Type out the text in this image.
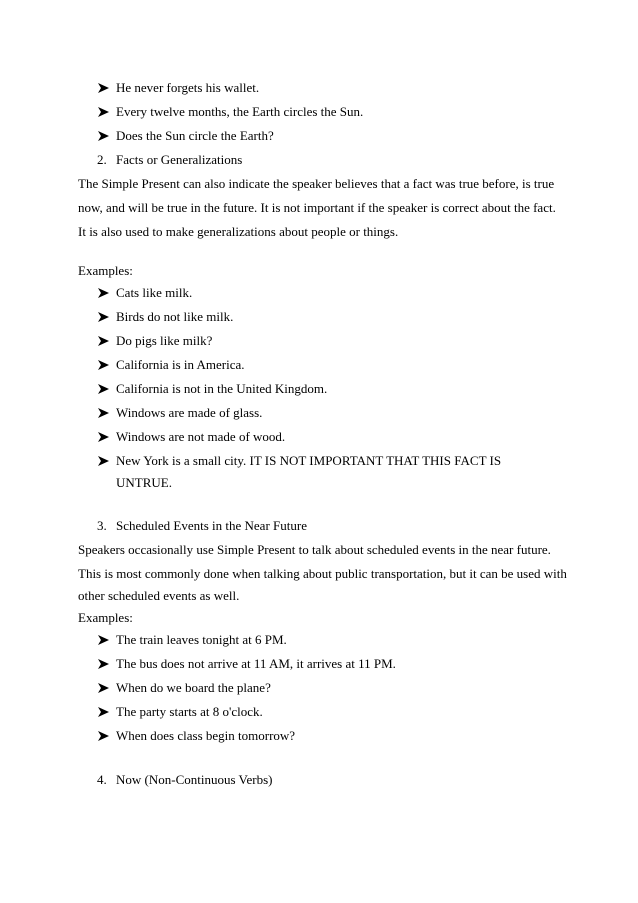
He never forgets his wallet.
Every twelve months, the Earth circles the Sun.
Does the Sun circle the Earth?
2. Facts or Generalizations
The Simple Present can also indicate the speaker believes that a fact was true before, is true
now, and will be true in the future. It is not important if the speaker is correct about the fact.
It is also used to make generalizations about people or things.
Examples:
Cats like milk.
Birds do not like milk.
Do pigs like milk?
California is in America.
California is not in the United Kingdom.
Windows are made of glass.
Windows are not made of wood.
New York is a small city. IT IS NOT IMPORTANT THAT THIS FACT IS
UNTRUE.
3. Scheduled Events in the Near Future
Speakers occasionally use Simple Present to talk about scheduled events in the near future.
This is most commonly done when talking about public transportation, but it can be used with
other scheduled events as well.
Examples:
The train leaves tonight at 6 PM.
The bus does not arrive at 11 AM, it arrives at 11 PM.
When do we board the plane?
The party starts at 8 o'clock.
When does class begin tomorrow?
4. Now (Non-Continuous Verbs)
